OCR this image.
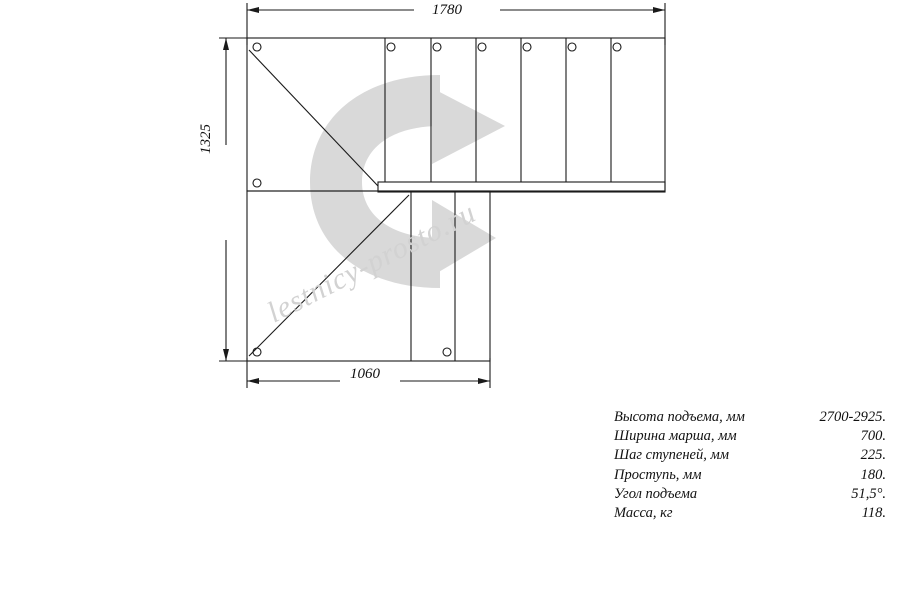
lestnicy-prosto.ru
1780
1325
1060
Высота подъема, мм	2700-2925.
Ширина марша, мм	700.
Шаг ступеней, мм	225.
Проступь, мм	180.
Угол подъема	51,5°.
Масса, кг	118.
